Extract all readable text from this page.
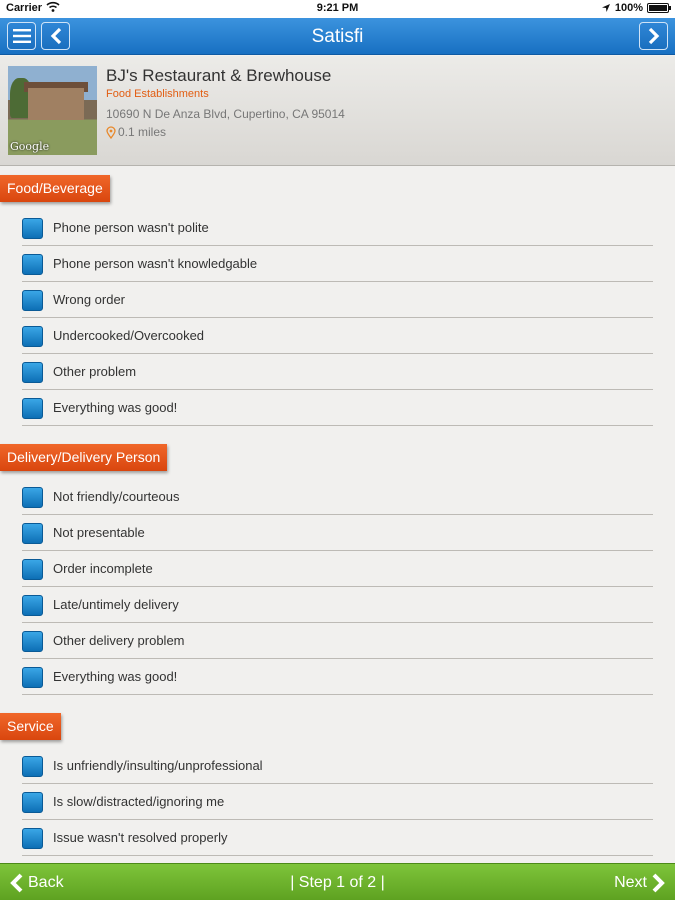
Carrier	9:21 PM	100%
Satisfi
Google
BJ's Restaurant & Brewhouse
Food Establishments
10690 N De Anza Blvd, Cupertino, CA 95014
0.1 miles
Food/Beverage
Phone person wasn't polite
Phone person wasn't knowledgable
Wrong order
Undercooked/Overcooked
Other problem
Everything was good!
Delivery/Delivery Person
Not friendly/courteous
Not presentable
Order incomplete
Late/untimely delivery
Other delivery problem
Everything was good!
Service
Is unfriendly/insulting/unprofessional
Is slow/distracted/ignoring me
Issue wasn't resolved properly
Back	| Step 1 of 2 |	Next
